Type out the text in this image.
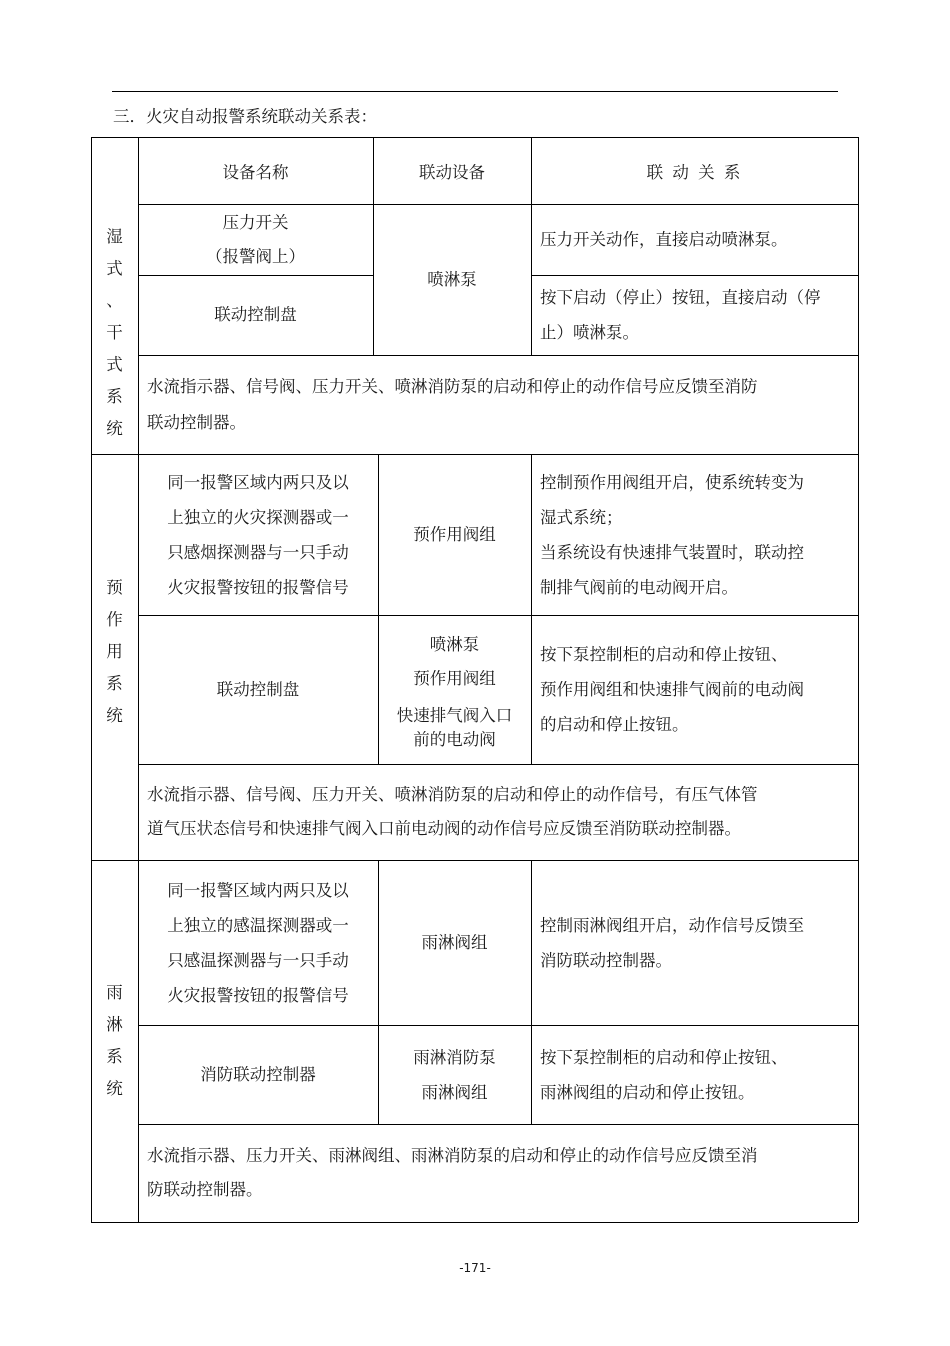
三．火灾自动报警系统联动关系表：
设备名称	联动设备	联 动 关 系
湿
式
、
干
式
系
统
压力开关
（报警阀上）
喷淋泵
压力开关动作，直接启动喷淋泵。
联动控制盘
按下启动（停止）按钮，直接启动（停
止）喷淋泵。
水流指示器、信号阀、压力开关、喷淋消防泵的启动和停止的动作信号应反馈至消防
联动控制器。
预
作
用
系
统
同一报警区域内两只及以
上独立的火灾探测器或一
只感烟探测器与一只手动
火灾报警按钮的报警信号
预作用阀组
控制预作用阀组开启，使系统转变为
湿式系统；
当系统设有快速排气装置时，联动控
制排气阀前的电动阀开启。
联动控制盘
喷淋泵
预作用阀组
快速排气阀入口
前的电动阀
按下泵控制柜的启动和停止按钮、
预作用阀组和快速排气阀前的电动阀
的启动和停止按钮。
水流指示器、信号阀、压力开关、喷淋消防泵的启动和停止的动作信号，有压气体管
道气压状态信号和快速排气阀入口前电动阀的动作信号应反馈至消防联动控制器。
雨
淋
系
统
同一报警区域内两只及以
上独立的感温探测器或一
只感温探测器与一只手动
火灾报警按钮的报警信号
雨淋阀组
控制雨淋阀组开启，动作信号反馈至
消防联动控制器。
消防联动控制器
雨淋消防泵
雨淋阀组
按下泵控制柜的启动和停止按钮、
雨淋阀组的启动和停止按钮。
水流指示器、压力开关、雨淋阀组、雨淋消防泵的启动和停止的动作信号应反馈至消
防联动控制器。
-171-
